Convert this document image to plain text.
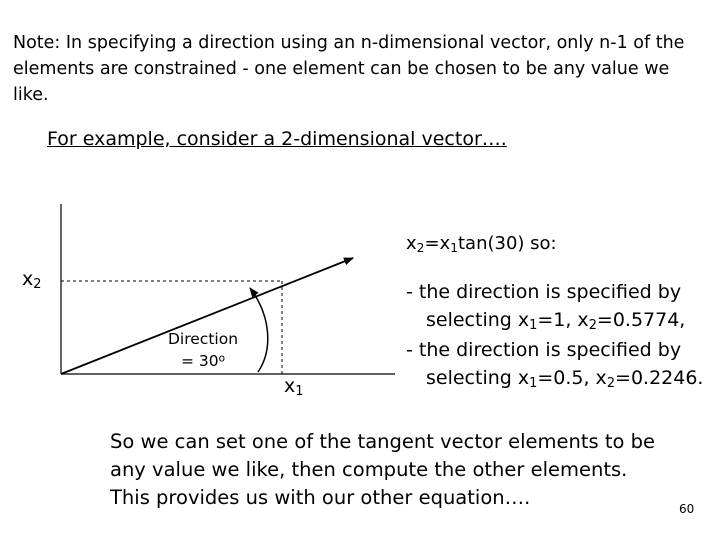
Note: In specifying a direction using an n-dimensional vector, only n-1 of the elements are constrained - one element can be chosen to be any value we like.
For example, consider a 2-dimensional vector….
$x_2$
$x_1$
Direction
= $30^o$
$x_2=x_1\tan(30)$ so:
- the direction is specified by
selecting $x_1=1$, $x_2=0.5774$,
- the direction is specified by
selecting $x_1=0.5$, $x_2=0.2246$.
So we can set one of the tangent vector elements to be any value we like, then compute the other elements. This provides us with our other equation….	60
